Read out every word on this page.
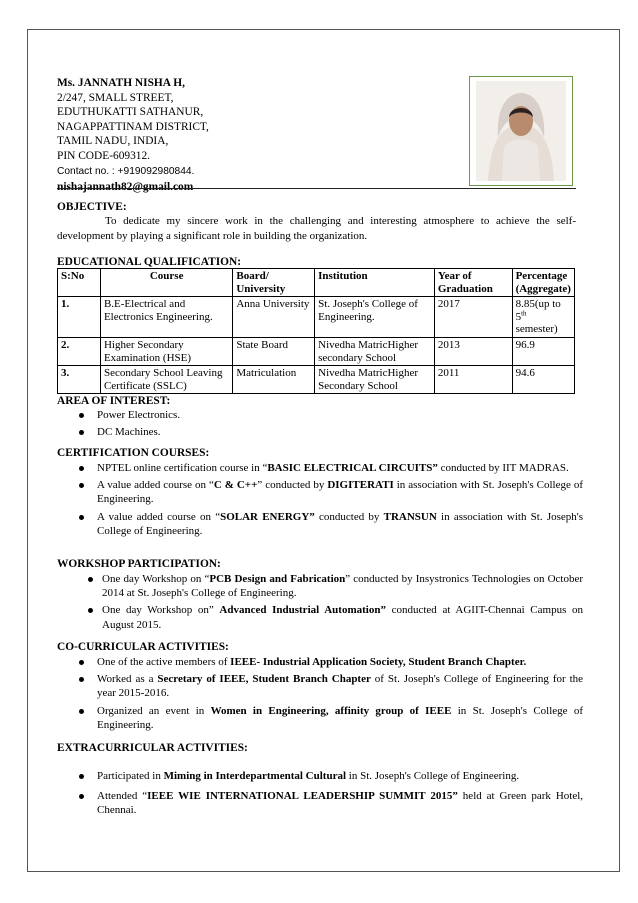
Ms. JANNATH NISHA H,
2/247, SMALL STREET,
EDUTHUKATTI SATHANUR,
NAGAPPATTINAM DISTRICT,
TAMIL NADU, INDIA,
PIN CODE-609312.
Contact no. : +919092980844.
nishajannath82@gmail.com
OBJECTIVE:
To dedicate my sincere work in the challenging and interesting atmosphere to achieve the self-development by playing a significant role in building the organization.
EDUCATIONAL QUALIFICATION:
S:No	Course	Board/ University	Institution	Year of Graduation	Percentage (Aggregate)
1.	B.E-Electrical and Electronics Engineering.	Anna University	St. Joseph's College of Engineering.	2017	8.85(up to 5th semester)
2.	Higher Secondary Examination (HSE)	State Board	Nivedha MatricHigher secondary School	2013	96.9
3.	Secondary School Leaving Certificate (SSLC)	Matriculation	Nivedha MatricHigher Secondary School	2011	94.6
AREA OF INTEREST:
Power Electronics.
DC Machines.
CERTIFICATION COURSES:
NPTEL online certification course in “BASIC ELECTRICAL CIRCUITS” conducted by IIT MADRAS.
A value added course on “C & C++” conducted by DIGITERATI in association with St. Joseph's College of Engineering.
A value added course on “SOLAR ENERGY” conducted by TRANSUN in association with St. Joseph's College of Engineering.
WORKSHOP PARTICIPATION:
One day Workshop on “PCB Design and Fabrication” conducted by Insystronics Technologies on October 2014 at St. Joseph's College of Engineering.
One day Workshop on” Advanced Industrial Automation” conducted at AGIIT-Chennai Campus on August 2015.
CO-CURRICULAR ACTIVITIES:
One of the active members of IEEE- Industrial Application Society, Student Branch Chapter.
Worked as a Secretary of IEEE, Student Branch Chapter of St. Joseph's College of Engineering for the year 2015-2016.
Organized an event in Women in Engineering, affinity group of IEEE in St. Joseph's College of Engineering.
EXTRACURRICULAR ACTIVITIES:
Participated in Miming in Interdepartmental Cultural in St. Joseph's College of Engineering.
Attended “IEEE WIE INTERNATIONAL LEADERSHIP SUMMIT 2015” held at Green park Hotel, Chennai.
